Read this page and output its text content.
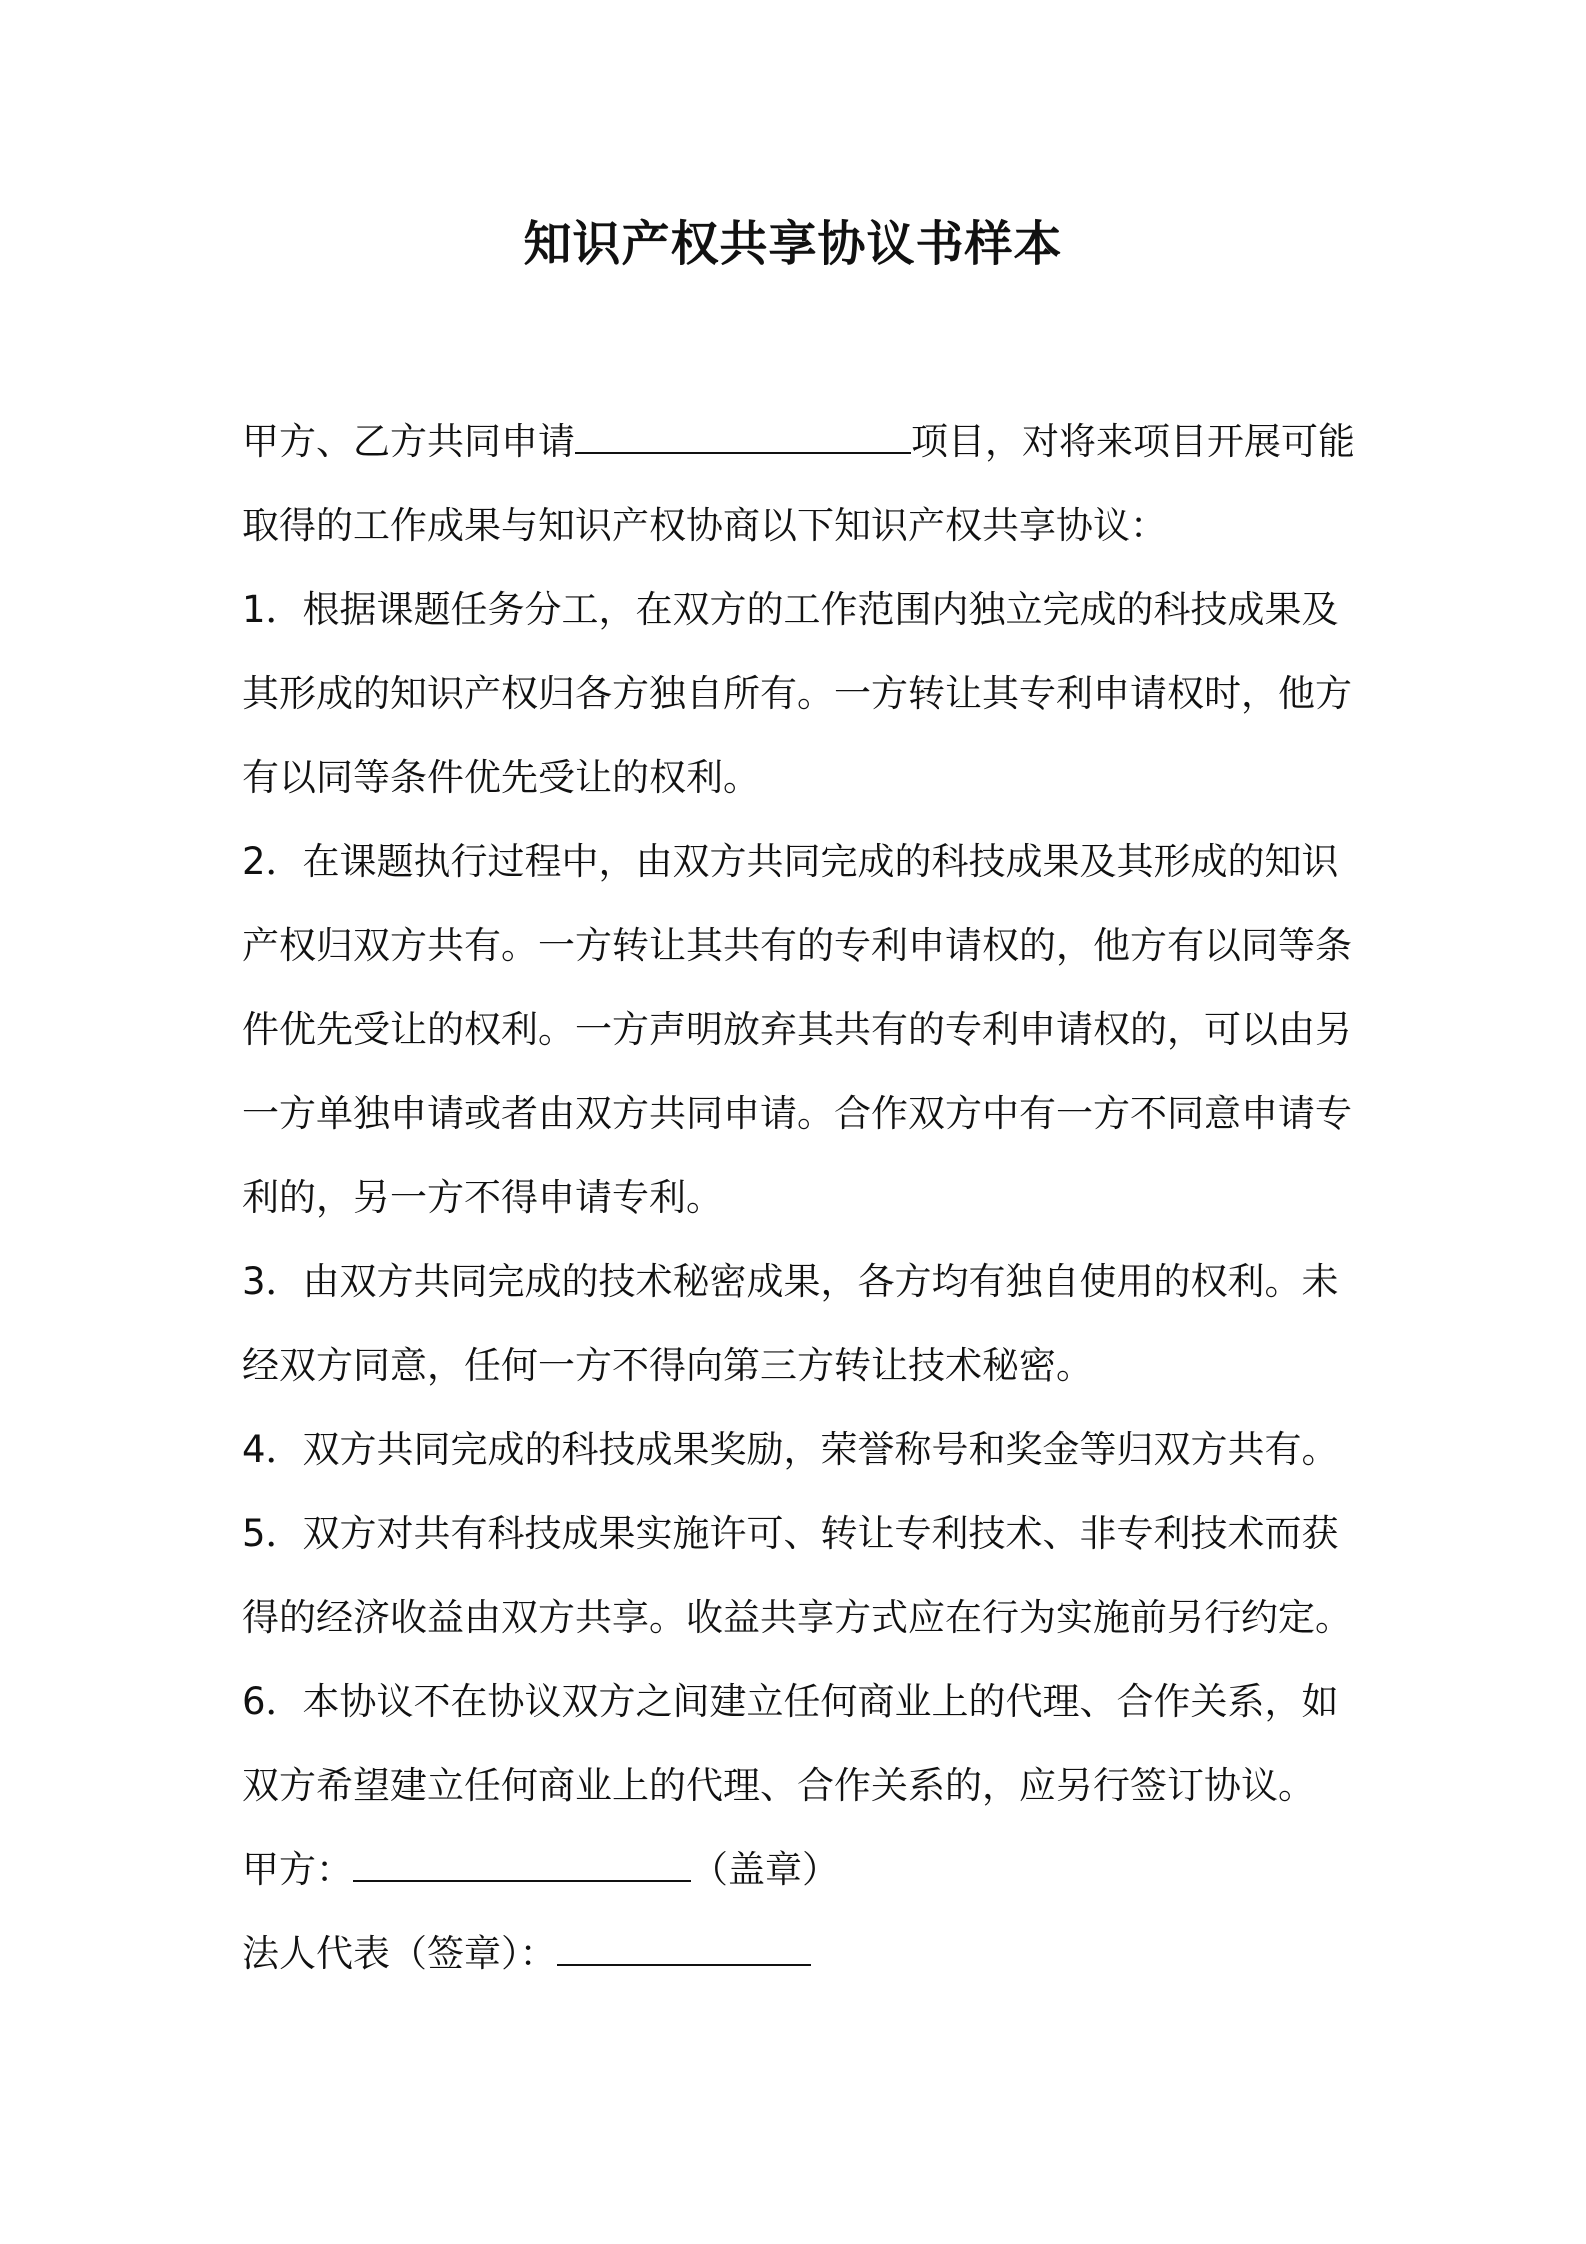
知识产权共享协议书样本

甲方、乙方共同申请	项目，对将来项目开展可能
取得的工作成果与知识产权协商以下知识产权共享协议：

1．根据课题任务分工，在双方的工作范围内独立完成的科技成果及
其形成的知识产权归各方独自所有。一方转让其专利申请权时，他方
有以同等条件优先受让的权利。

2．在课题执行过程中，由双方共同完成的科技成果及其形成的知识
产权归双方共有。一方转让其共有的专利申请权的，他方有以同等条
件优先受让的权利。一方声明放弃其共有的专利申请权的，可以由另
一方单独申请或者由双方共同申请。合作双方中有一方不同意申请专
利的，另一方不得申请专利。

3．由双方共同完成的技术秘密成果，各方均有独自使用的权利。未
经双方同意，任何一方不得向第三方转让技术秘密。

4．双方共同完成的科技成果奖励，荣誉称号和奖金等归双方共有。

5．双方对共有科技成果实施许可、转让专利技术、非专利技术而获
得的经济收益由双方共享。收益共享方式应在行为实施前另行约定。

6．本协议不在协议双方之间建立任何商业上的代理、合作关系，如
双方希望建立任何商业上的代理、合作关系的，应另行签订协议。

甲方：	（盖章）

法人代表（签章）：
